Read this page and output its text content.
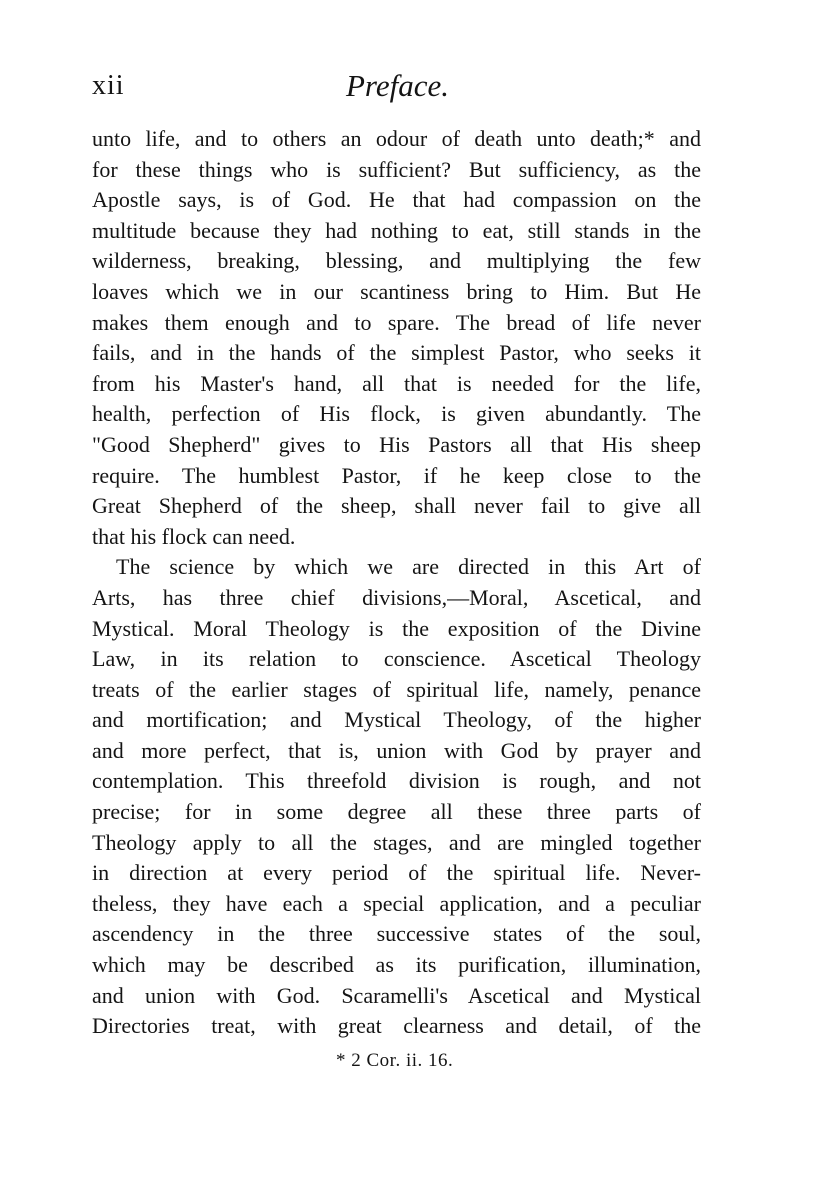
xii	Preface.
unto life, and to others an odour of death unto death;* and
for these things who is sufficient? But sufficiency, as the
Apostle says, is of God. He that had compassion on the
multitude because they had nothing to eat, still stands in the
wilderness, breaking, blessing, and multiplying the few
loaves which we in our scantiness bring to Him. But He
makes them enough and to spare. The bread of life never
fails, and in the hands of the simplest Pastor, who seeks it
from his Master's hand, all that is needed for the life,
health, perfection of His flock, is given abundantly. The
"Good Shepherd" gives to His Pastors all that His sheep
require. The humblest Pastor, if he keep close to the
Great Shepherd of the sheep, shall never fail to give all
that his flock can need.
The science by which we are directed in this Art of
Arts, has three chief divisions,—Moral, Ascetical, and
Mystical. Moral Theology is the exposition of the Divine
Law, in its relation to conscience. Ascetical Theology
treats of the earlier stages of spiritual life, namely, penance
and mortification; and Mystical Theology, of the higher
and more perfect, that is, union with God by prayer and
contemplation. This threefold division is rough, and not
precise; for in some degree all these three parts of
Theology apply to all the stages, and are mingled together
in direction at every period of the spiritual life. Never-
theless, they have each a special application, and a peculiar
ascendency in the three successive states of the soul,
which may be described as its purification, illumination,
and union with God. Scaramelli's Ascetical and Mystical
Directories treat, with great clearness and detail, of the
* 2 Cor. ii. 16.
